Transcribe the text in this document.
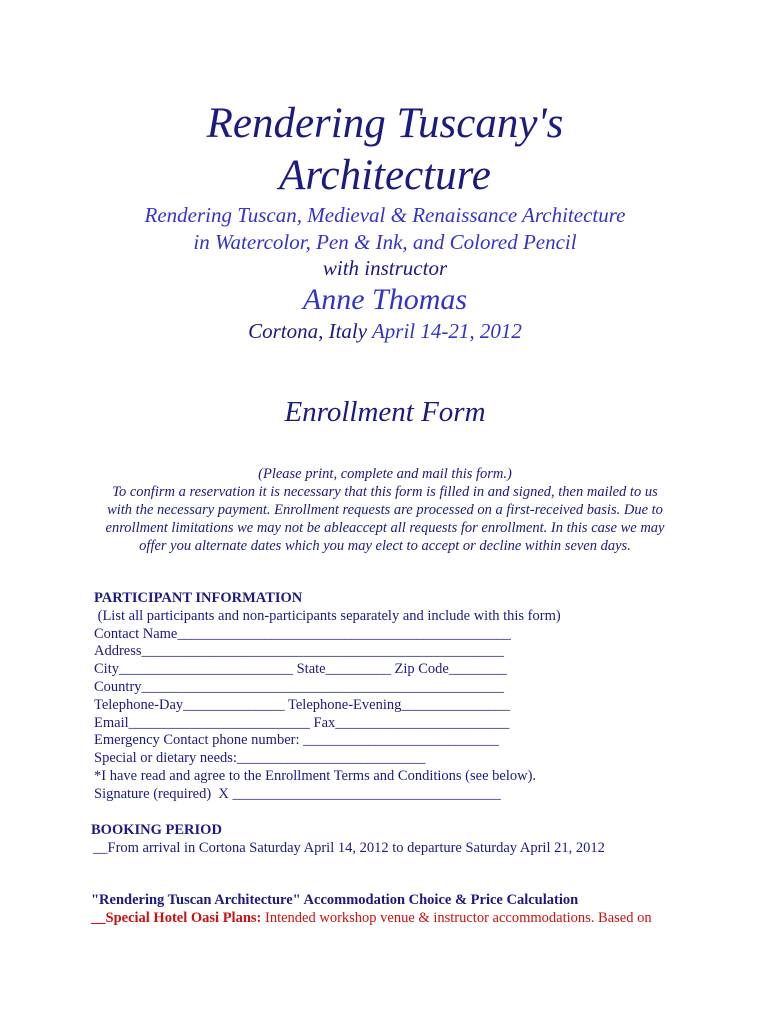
Rendering Tuscany's
Architecture
Rendering Tuscan, Medieval & Renaissance Architecture
in Watercolor, Pen & Ink, and Colored Pencil
with instructor
Anne Thomas
Cortona, Italy April 14-21, 2012
Enrollment Form
(Please print, complete and mail this form.)
To confirm a reservation it is necessary that this form is filled in and signed, then mailed to us
with the necessary payment. Enrollment requests are processed on a first-received basis. Due to
enrollment limitations we may not be ableaccept all requests for enrollment. In this case we may
offer you alternate dates which you may elect to accept or decline within seven days.
PARTICIPANT INFORMATION
(List all participants and non-participants separately and include with this form)
Contact Name______________________________________________
Address__________________________________________________
City________________________ State_________ Zip Code________
Country__________________________________________________
Telephone-Day______________ Telephone-Evening_______________
Email_________________________ Fax________________________
Emergency Contact phone number: ___________________________
Special or dietary needs:__________________________
*I have read and agree to the Enrollment Terms and Conditions (see below).
Signature (required)  X _____________________________________
BOOKING PERIOD
__From arrival in Cortona Saturday April 14, 2012 to departure Saturday April 21, 2012
"Rendering Tuscan Architecture" Accommodation Choice & Price Calculation
__Special Hotel Oasi Plans: Intended workshop venue & instructor accommodations. Based on
